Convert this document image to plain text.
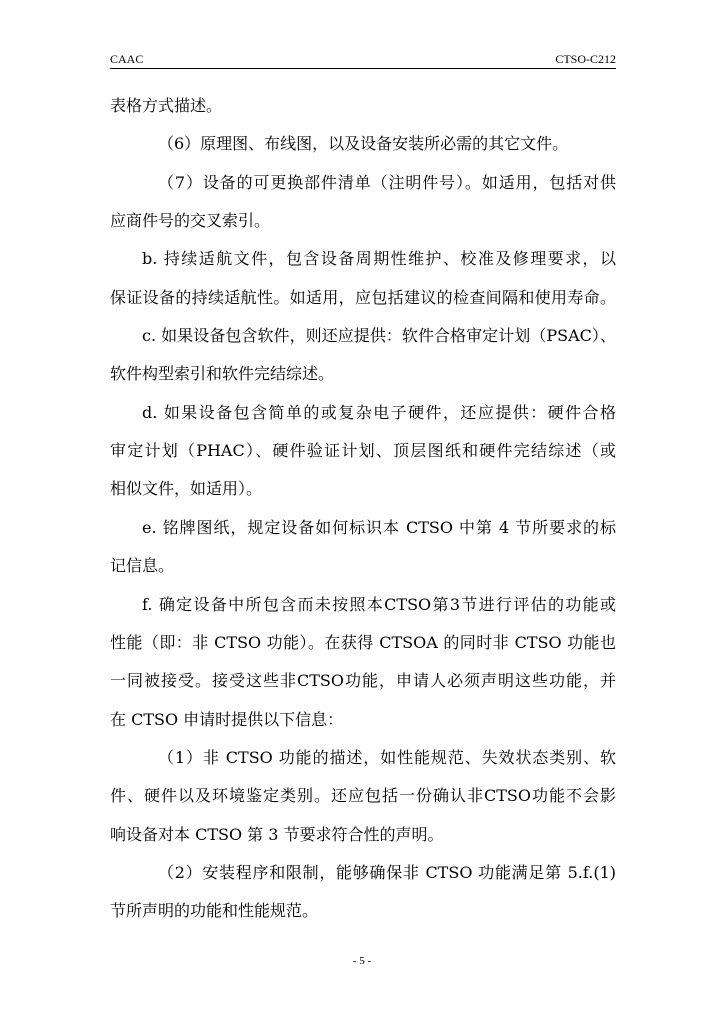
CAAC	CTSO-C212
表格方式描述。
（6）原理图、布线图，以及设备安装所必需的其它文件。
（7）设备的可更换部件清单（注明件号）。如适用，包括对供
应商件号的交叉索引。
b. 持续适航文件，包含设备周期性维护、校准及修理要求，以
保证设备的持续适航性。如适用，应包括建议的检查间隔和使用寿命。
c. 如果设备包含软件，则还应提供：软件合格审定计划（PSAC）、
软件构型索引和软件完结综述。
d. 如果设备包含简单的或复杂电子硬件，还应提供：硬件合格
审定计划（PHAC）、硬件验证计划、顶层图纸和硬件完结综述（或
相似文件，如适用）。
e. 铭牌图纸，规定设备如何标识本 CTSO 中第 4 节所要求的标
记信息。
f. 确定设备中所包含而未按照本CTSO第3节进行评估的功能或
性能（即：非 CTSO 功能）。在获得 CTSOA 的同时非 CTSO 功能也
一同被接受。接受这些非CTSO功能，申请人必须声明这些功能，并
在 CTSO 申请时提供以下信息：
（1）非 CTSO 功能的描述，如性能规范、失效状态类别、软
件、硬件以及环境鉴定类别。还应包括一份确认非CTSO功能不会影
响设备对本 CTSO 第 3 节要求符合性的声明。
（2）安装程序和限制，能够确保非 CTSO 功能满足第 5.f.(1)
节所声明的功能和性能规范。
- 5 -
